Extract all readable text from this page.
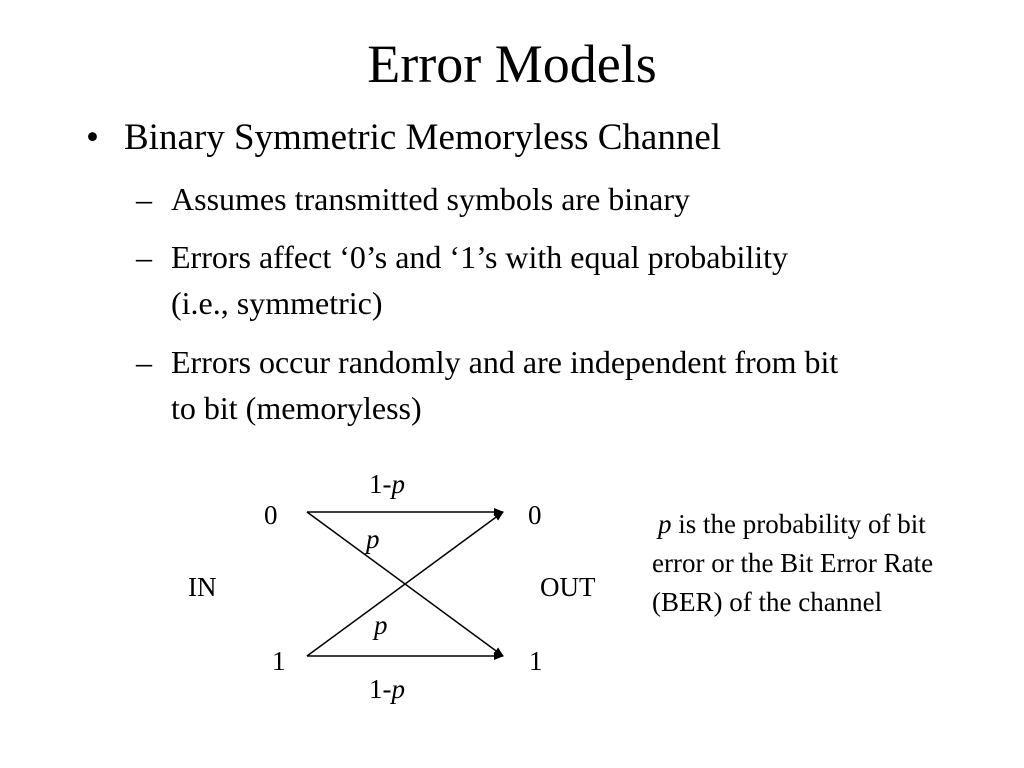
Error Models
• Binary Symmetric Memoryless Channel
– Assumes transmitted symbols are binary
– Errors affect ‘0’s and ‘1’s with equal probability (i.e., symmetric)
– Errors occur randomly and are independent from bit to bit (memoryless)
0
1
0
1
IN	OUT
1-p
1-p
p
p
p is the probability of bit error or the Bit Error Rate (BER) of the channel
